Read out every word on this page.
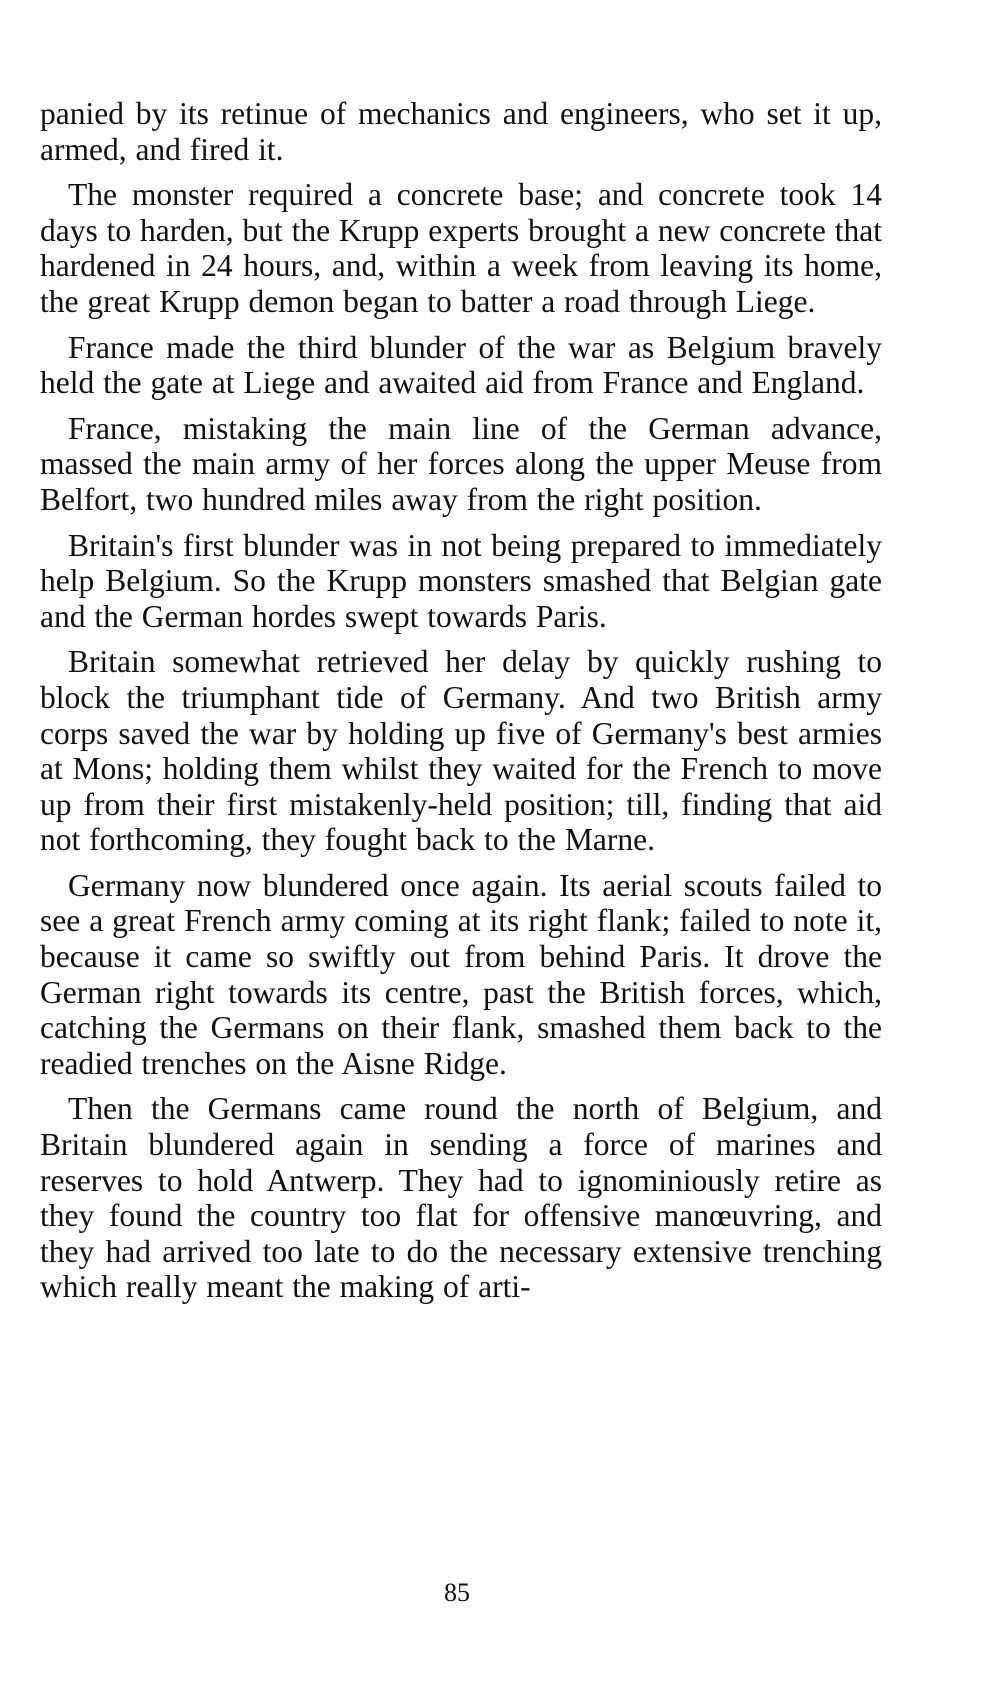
panied by its retinue of mechanics and engineers, who set it up, armed, and fired it.

The monster required a concrete base; and concrete took 14 days to harden, but the Krupp experts brought a new concrete that hardened in 24 hours, and, within a week from leaving its home, the great Krupp demon began to batter a road through Liege.

France made the third blunder of the war as Belgium bravely held the gate at Liege and awaited aid from France and England.

France, mistaking the main line of the German advance, massed the main army of her forces along the upper Meuse from Belfort, two hundred miles away from the right position.

Britain's first blunder was in not being prepared to immediately help Belgium. So the Krupp monsters smashed that Belgian gate and the German hordes swept towards Paris.

Britain somewhat retrieved her delay by quickly rushing to block the triumphant tide of Germany. And two British army corps saved the war by holding up five of Germany's best armies at Mons; holding them whilst they waited for the French to move up from their first mistakenly-held position; till, finding that aid not forthcoming, they fought back to the Marne.

Germany now blundered once again. Its aerial scouts failed to see a great French army coming at its right flank; failed to note it, because it came so swiftly out from behind Paris. It drove the German right towards its centre, past the British forces, which, catching the Germans on their flank, smashed them back to the readied trenches on the Aisne Ridge.

Then the Germans came round the north of Belgium, and Britain blundered again in sending a force of marines and reserves to hold Antwerp. They had to ignominiously retire as they found the country too flat for offensive manœuvring, and they had arrived too late to do the necessary extensive trenching which really meant the making of arti-

85
